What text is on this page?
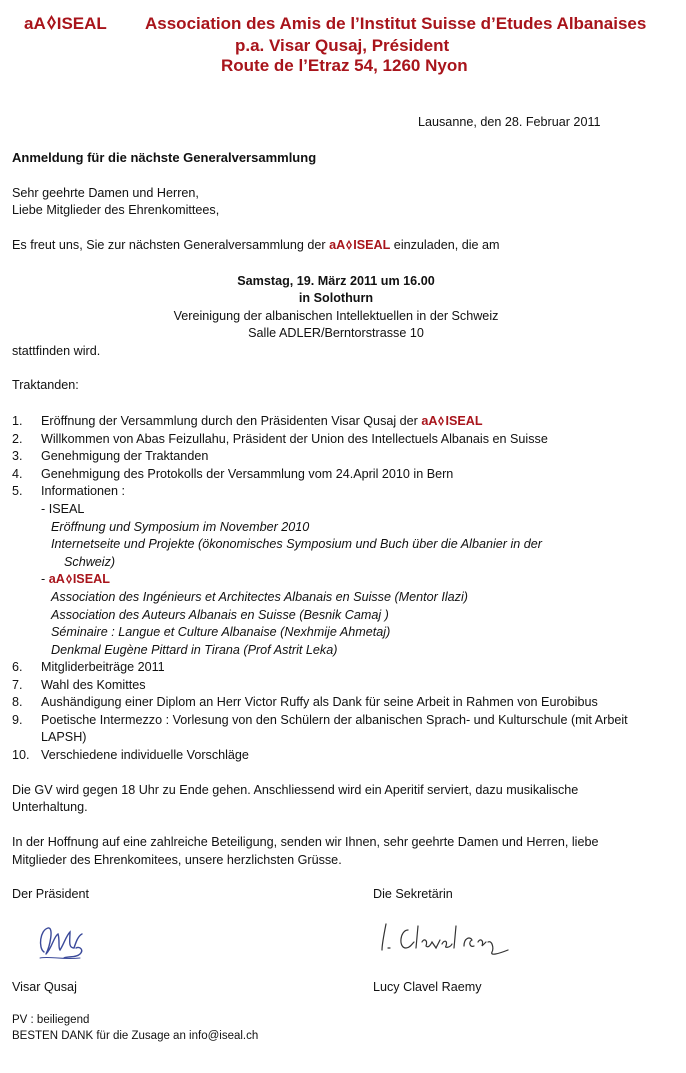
aA ISEAL Association des Amis de l’Institut Suisse d’Etudes Albanaises
p.a. Visar Qusaj, Président
Route de l’Etraz 54, 1260 Nyon
Lausanne, den 28. Februar 2011
Anmeldung für die nächste Generalversammlung
Sehr geehrte Damen und Herren,
Liebe Mitglieder des Ehrenkomittees,
Es freut uns, Sie zur nächsten Generalversammlung der aA ISEAL einzuladen, die am
Samstag, 19. März 2011 um 16.00
in Solothurn
Vereinigung der albanischen Intellektuellen in der Schweiz
Salle ADLER/Berntorstrasse 10
stattfinden wird.
Traktanden:
1. Eröffnung der Versammlung durch den Präsidenten Visar Qusaj der aA ISEAL
2. Willkommen von Abas Feizullahu, Präsident der Union des Intellectuels Albanais en Suisse
3. Genehmigung der Traktanden
4. Genehmigung des Protokolls der Versammlung vom 24.April 2010 in Bern
5. Informationen :
- ISEAL
Eröffnung und Symposium im November 2010
Internetseite und Projekte (ökonomisches Symposium und Buch über die Albanier in der
Schweiz)
- aA ISEAL
Association des Ingénieurs et Architectes Albanais en Suisse (Mentor Ilazi)
Association des Auteurs Albanais en Suisse (Besnik Camaj )
Séminaire : Langue et Culture Albanaise (Nexhmije Ahmetaj)
Denkmal Eugène Pittard in Tirana (Prof Astrit Leka)
6. Mitgliderbeiträge 2011
7. Wahl des Komittes
8. Aushändigung einer Diplom an Herr Victor Ruffy als Dank für seine Arbeit in Rahmen von Eurobibus
9. Poetische Intermezzo : Vorlesung von den Schülern der albanischen Sprach- und Kulturschule (mit Arbeit
LAPSH)
10. Verschiedene individuelle Vorschläge
Die GV wird gegen 18 Uhr zu Ende gehen. Anschliessend wird ein Aperitif serviert, dazu musikalische
Unterhaltung.
In der Hoffnung auf eine zahlreiche Beteiligung, senden wir Ihnen, sehr geehrte Damen und Herren, liebe
Mitglieder des Ehrenkomitees, unsere herzlichsten Grüsse.
Der Präsident	Die Sekretärin
Visar Qusaj	Lucy Clavel Raemy
PV : beiliegend
BESTEN DANK für die Zusage an info@iseal.ch
